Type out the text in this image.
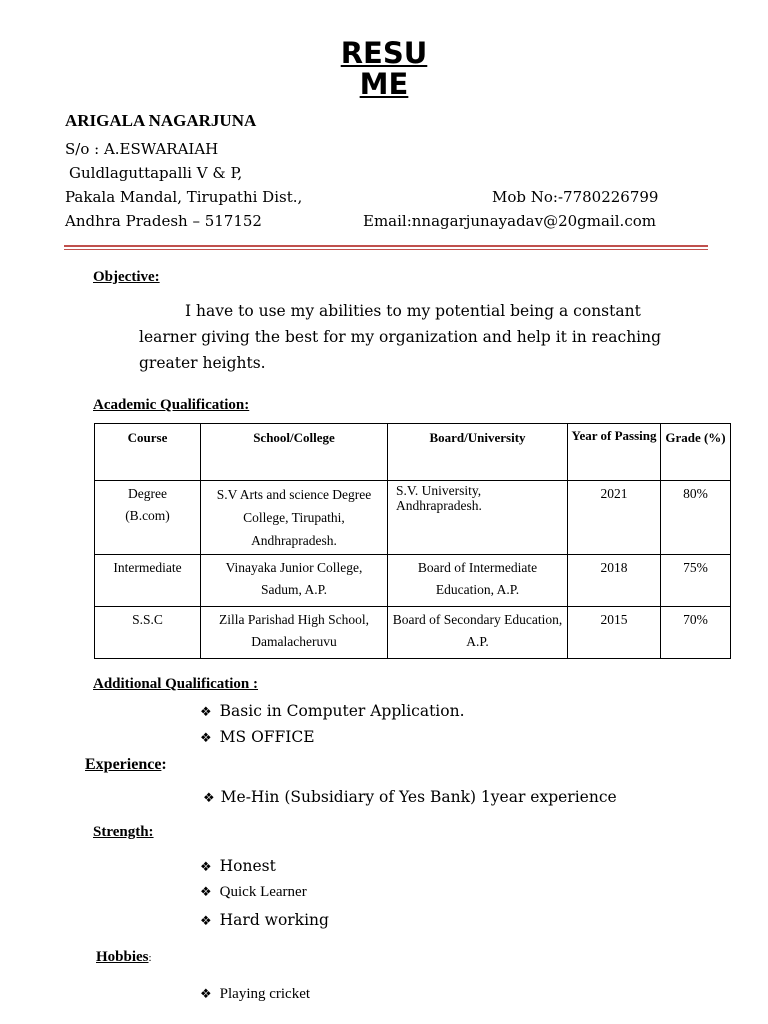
RESU
ME
ARIGALA NAGARJUNA
S/o : A.ESWARAIAH
Guldlaguttapalli V & P,
Pakala Mandal, Tirupathi Dist.,
Andhra Pradesh – 517152
Mob No:-7780226799
Email:nnagarjunayadav@20gmail.com
Objective:
I have to use my abilities to my potential being a constant learner giving the best for my organization and help it in reaching greater heights.
Academic Qualification:
Course	School/College	Board/University	Year of Passing	Grade (%)
Degree (B.com)	S.V Arts and science Degree College, Tirupathi, Andhrapradesh.	S.V. University, Andhrapradesh.	2021	80%
Intermediate	Vinayaka Junior College, Sadum, A.P.	Board of Intermediate Education, A.P.	2018	75%
S.S.C	Zilla Parishad High School, Damalacheruvu	Board of Secondary Education, A.P.	2015	70%
Additional Qualification :
❖ Basic in Computer Application.
❖ MS OFFICE
Experience:
❖ Me-Hin (Subsidiary of Yes Bank) 1year experience
Strength:
❖ Honest
❖ Quick Learner
❖ Hard working
Hobbies:
❖ Playing cricket
